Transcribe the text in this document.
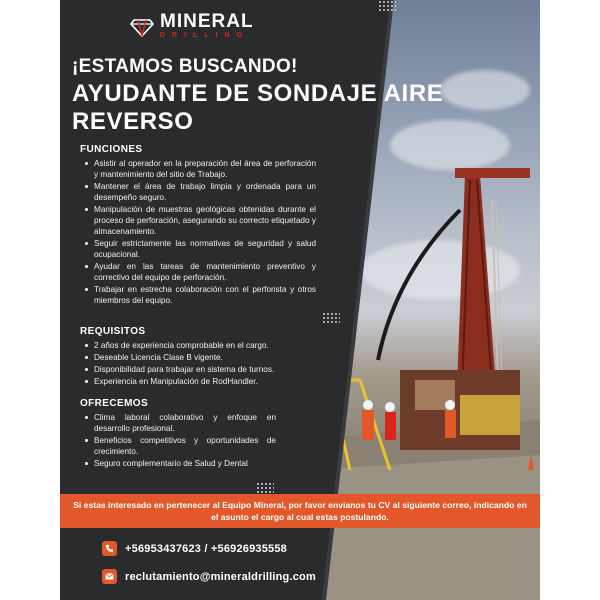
MINERAL
DRILLING
¡ESTAMOS BUSCANDO!
AYUDANTE DE SONDAJE AIRE REVERSO
FUNCIONES
Asistir al operador en la preparación del área de perforación y mantenimiento del sitio de Trabajo.
Mantener el área de trabajo limpia y ordenada para un desempeño seguro.
Manipulación de muestras geológicas obtenidas durante el proceso de perforación, asegurando su correcto etiquetado y almacenamiento.
Seguir estrictamente las normativas de seguridad y salud ocupacional.
Ayudar en las tareas de mantenimiento preventivo y correctivo del equipo de perforación.
Trabajar en estrecha colaboración con el perforista y otros miembros del equipo.
REQUISITOS
2 años de experiencia comprobable en el cargo.
Deseable Licencia Clase B vigente.
Disponibilidad para trabajar en sistema de turnos.
Experiencia en Manipulación de RodHandler.
OFRECEMOS
Clima laboral colaborativo y enfoque en desarrollo profesional.
Beneficios competitivos y oportunidades de crecimiento.
Seguro complementario de Salud y Dental
Si estas interesado en pertenecer al Equipo Mineral, por favor envianos tu CV al siguiente correo, indicando en el asunto el cargo al cual estas postulando.
+56953437623 / +56926935558
reclutamiento@mineraldrilling.com
